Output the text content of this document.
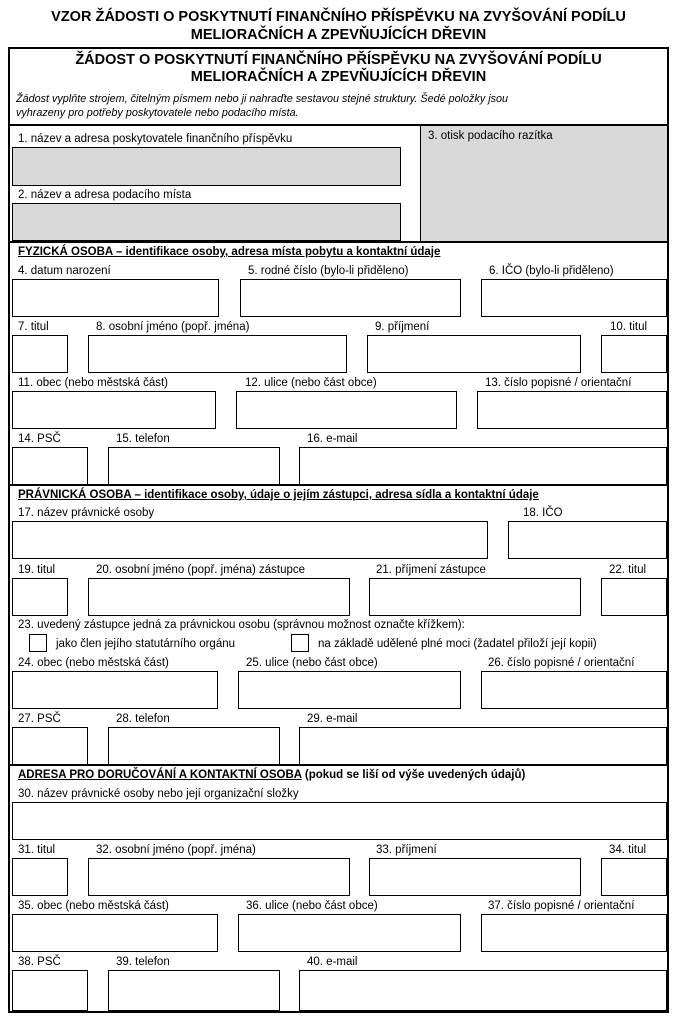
VZOR ŽÁDOSTI O POSKYTNUTÍ FINANČNÍHO PŘÍSPĚVKU NA ZVYŠOVÁNÍ PODÍLU
MELIORAČNÍCH A ZPEVŇUJÍCÍCH DŘEVIN
ŽÁDOST O POSKYTNUTÍ FINANČNÍHO PŘÍSPĚVKU NA ZVYŠOVÁNÍ PODÍLU
MELIORAČNÍCH A ZPEVŇUJÍCÍCH DŘEVIN
Žádost vyplňte strojem, čitelným písmem nebo ji nahraďte sestavou stejné struktury. Šedé položky jsou
vyhrazeny pro potřeby poskytovatele nebo podacího místa.
1. název a adresa poskytovatele finančního příspěvku
2. název a adresa podacího místa
3. otisk podacího razítka
FYZICKÁ OSOBA – identifikace osoby, adresa místa pobytu a kontaktní údaje
4. datum narození	5. rodné číslo (bylo-li přiděleno)	6. IČO (bylo-li přiděleno)
7. titul	8. osobní jméno (popř. jména)	9. příjmení	10. titul
11. obec (nebo městská část)	12. ulice (nebo část obce)	13. číslo popisné / orientační
14. PSČ	15. telefon	16. e-mail
PRÁVNICKÁ OSOBA – identifikace osoby, údaje o jejím zástupci, adresa sídla a kontaktní údaje
17. název právnické osoby	18. IČO
19. titul	20. osobní jméno (popř. jména) zástupce	21. příjmení zástupce	22. titul
23. uvedený zástupce jedná za právnickou osobu (správnou možnost označte křížkem):
jako člen jejího statutárního orgánu	na základě udělené plné moci (žadatel přiloží její kopii)
24. obec (nebo městská část)	25. ulice (nebo část obce)	26. číslo popisné / orientační
27. PSČ	28. telefon	29. e-mail
ADRESA PRO DORUČOVÁNÍ A KONTAKTNÍ OSOBA (pokud se liší od výše uvedených údajů)
30. název právnické osoby nebo její organizační složky
31. titul	32. osobní jméno (popř. jména)	33. příjmení	34. titul
35. obec (nebo městská část)	36. ulice (nebo část obce)	37. číslo popisné / orientační
38. PSČ	39. telefon	40. e-mail
